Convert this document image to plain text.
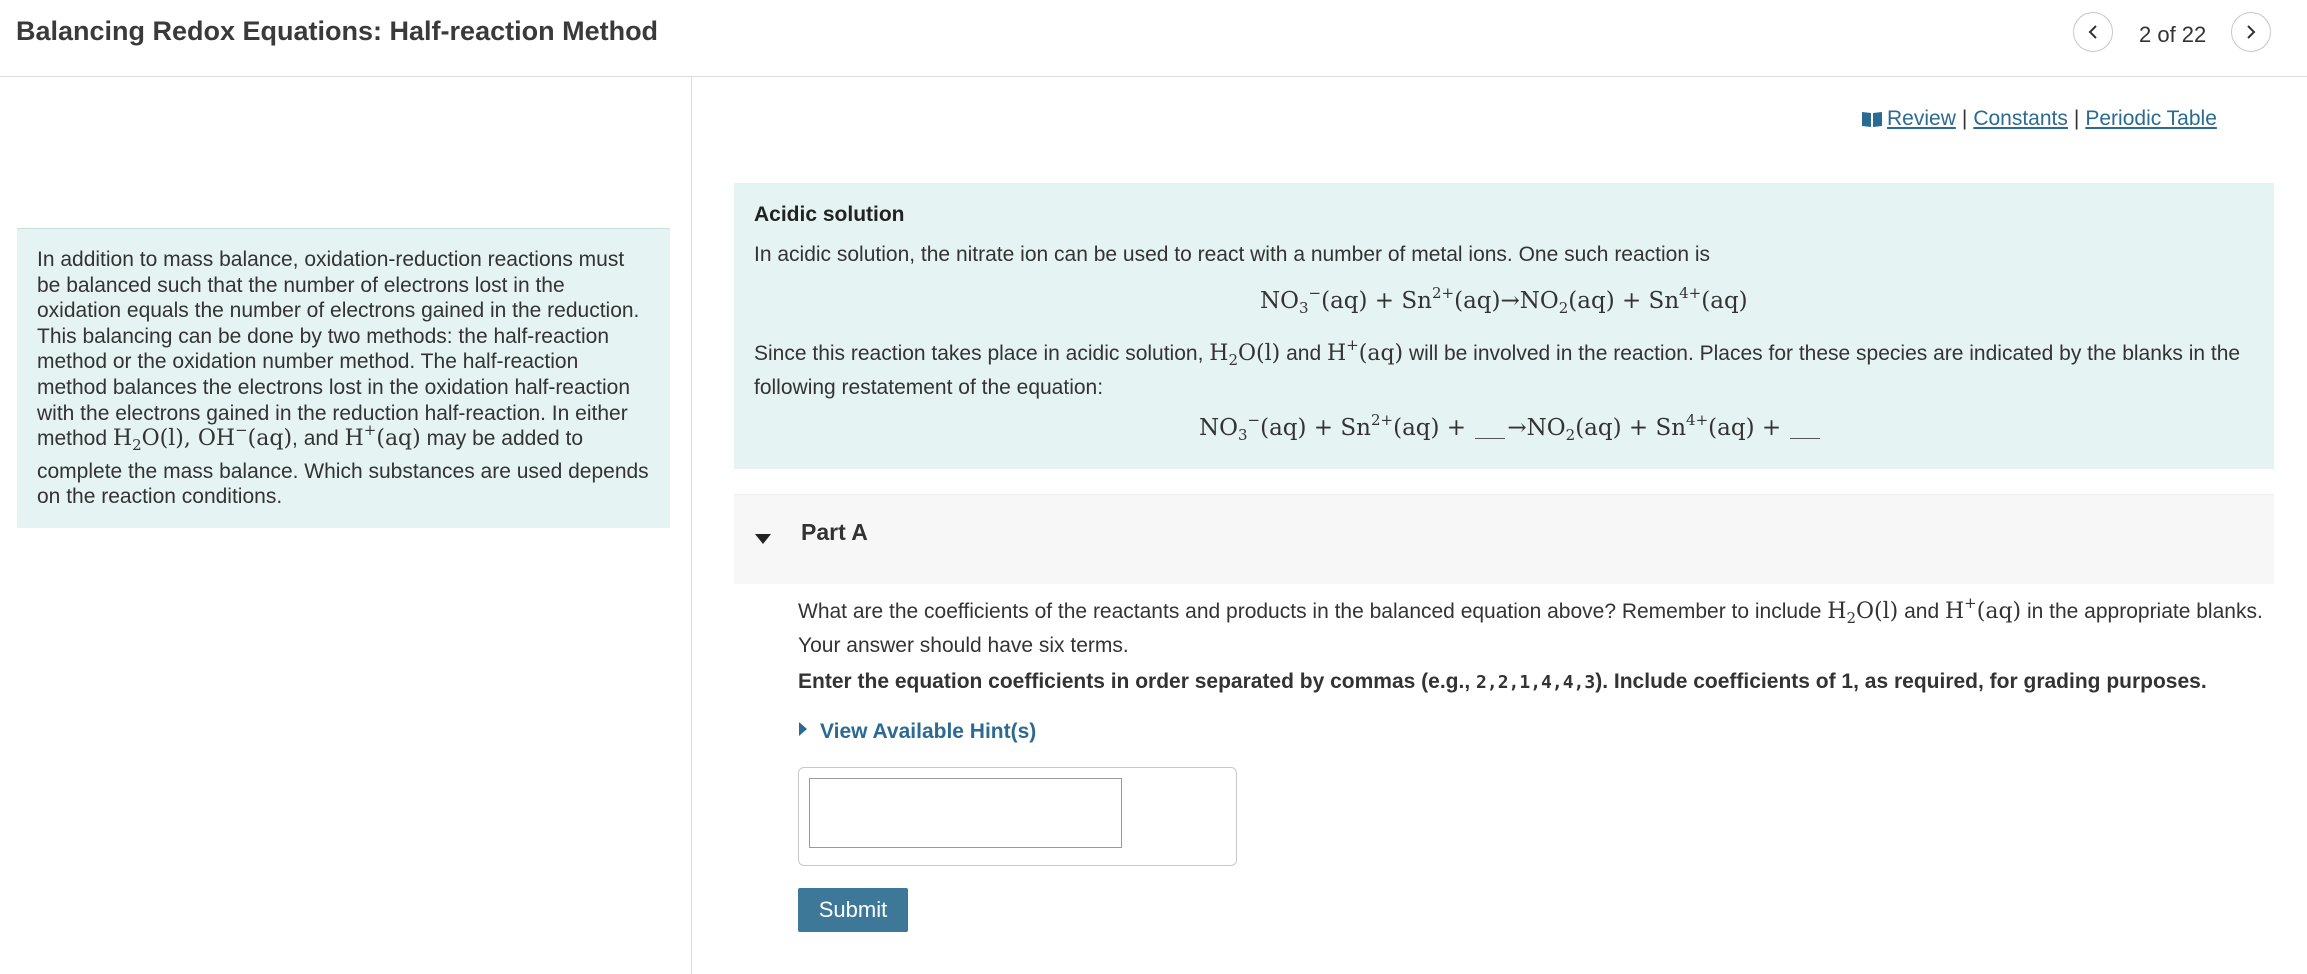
Balancing Redox Equations: Half-reaction Method	2 of 22
In addition to mass balance, oxidation-reduction reactions must be balanced such that the number of electrons lost in the oxidation equals the number of electrons gained in the reduction. This balancing can be done by two methods: the half-reaction method or the oxidation number method. The half-reaction method balances the electrons lost in the oxidation half-reaction with the electrons gained in the reduction half-reaction. In either method $H_2O(l)$, OH−(aq), and H+(aq) may be added to complete the mass balance. Which substances are used depends on the reaction conditions.
Review | Constants | Periodic Table
Acidic solution
In acidic solution, the nitrate ion can be used to react with a number of metal ions. One such reaction is
$NO_3^-(aq) + Sn^{2+}(aq)\to NO_2(aq) + Sn^{4+}(aq)$
Since this reaction takes place in acidic solution, $H_2O(l)$ and H+(aq) will be involved in the reaction. Places for these species are indicated by the blanks in the following restatement of the equation:
$NO_3^-(aq) + Sn^{2+}(aq) + \to NO_2(aq) + Sn^{4+}(aq)$ +
Part A
What are the coefficients of the reactants and products in the balanced equation above? Remember to include $H_2O(l)$ and H+(aq) in the appropriate blanks. Your answer should have six terms.
Enter the equation coefficients in order separated by commas (e.g., 2,2,1,4,4,3). Include coefficients of 1, as required, for grading purposes.
View Available Hint(s)
Submit
